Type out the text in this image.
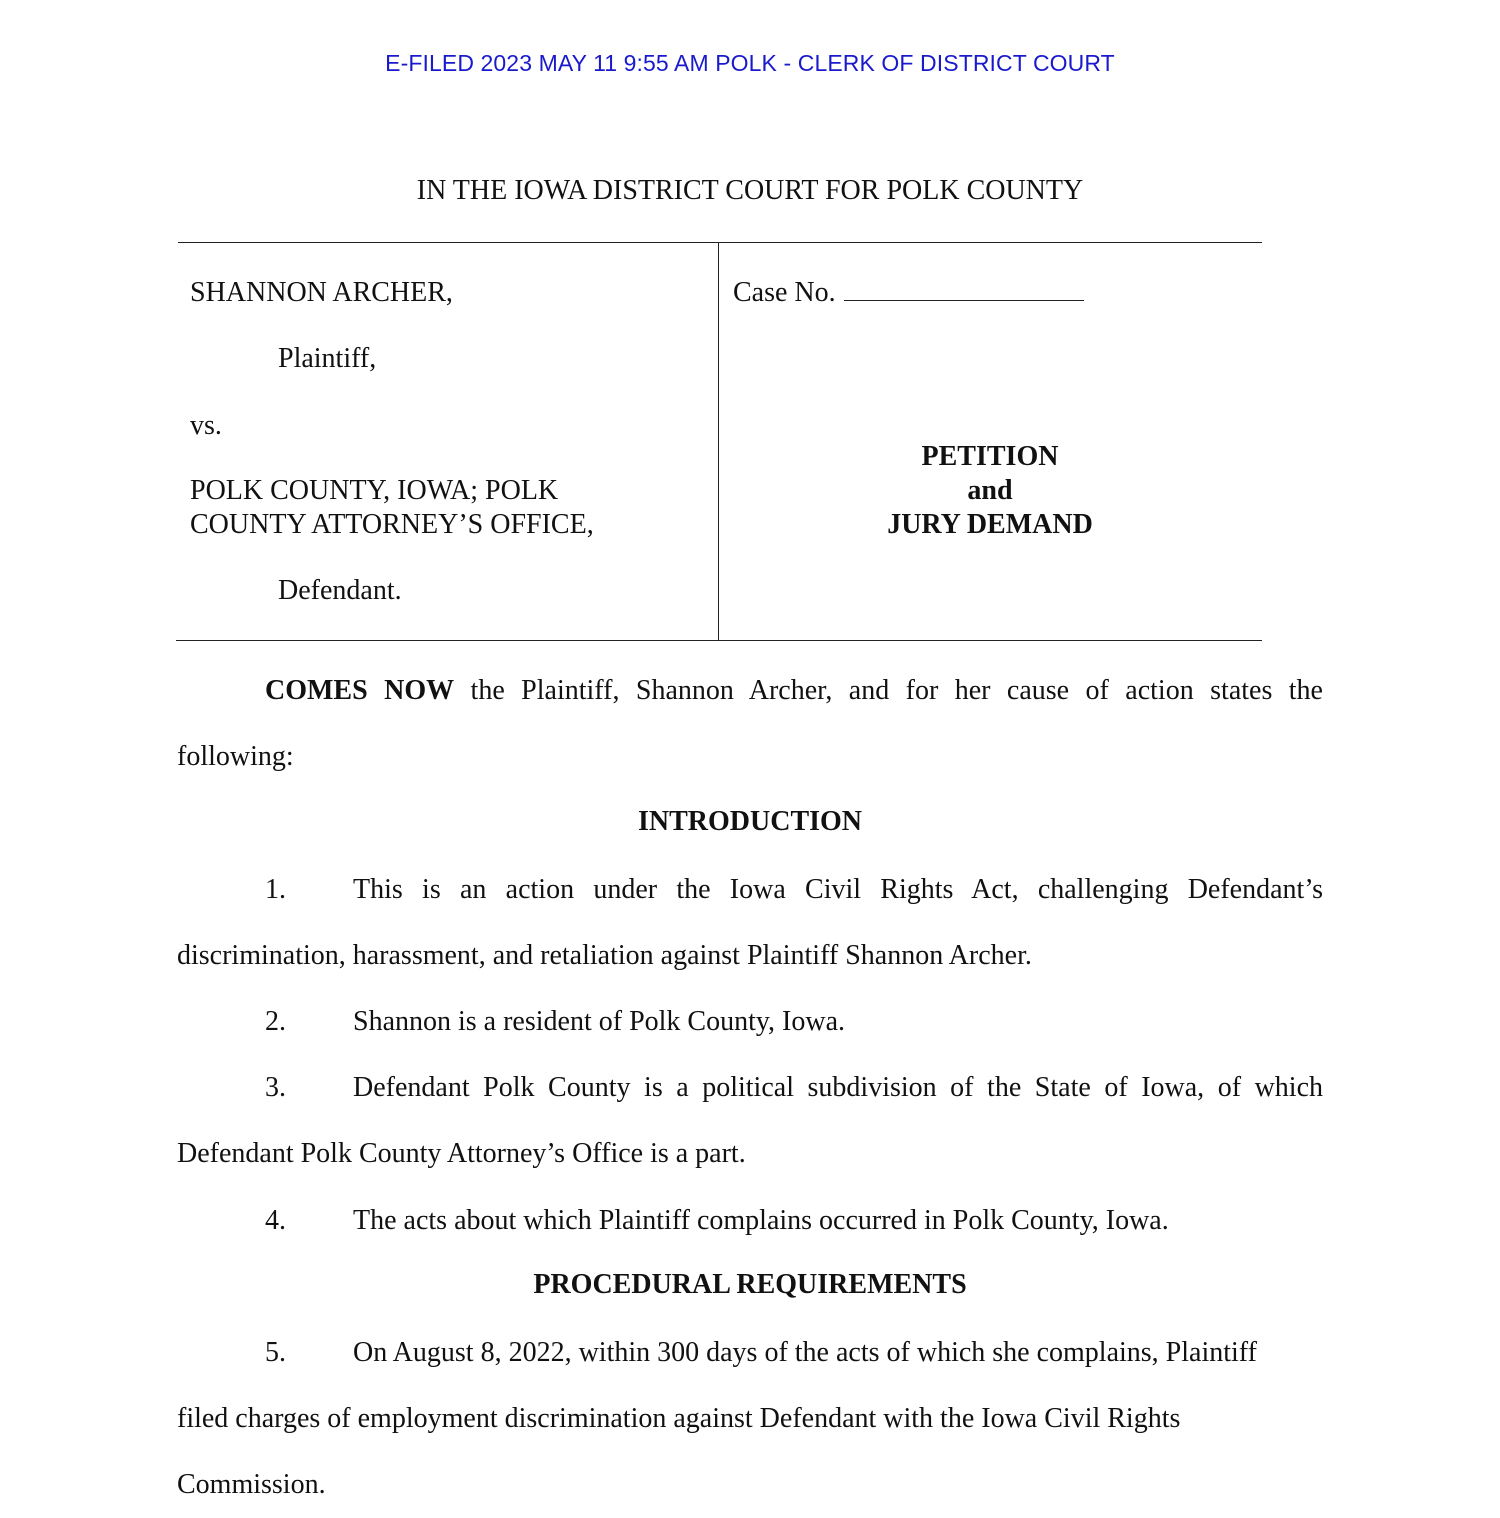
E-FILED 2023 MAY 11 9:55 AM POLK - CLERK OF DISTRICT COURT
IN THE IOWA DISTRICT COURT FOR POLK COUNTY
SHANNON ARCHER,
Plaintiff,
vs.
POLK COUNTY, IOWA; POLK
COUNTY ATTORNEY’S OFFICE,
Defendant.
Case No.
PETITION
and
JURY DEMAND
COMES NOW the Plaintiff, Shannon Archer, and for her cause of action states the following:
INTRODUCTION
1. This is an action under the Iowa Civil Rights Act, challenging Defendant’s discrimination, harassment, and retaliation against Plaintiff Shannon Archer.
2. Shannon is a resident of Polk County, Iowa.
3. Defendant Polk County is a political subdivision of the State of Iowa, of which Defendant Polk County Attorney’s Office is a part.
4. The acts about which Plaintiff complains occurred in Polk County, Iowa.
PROCEDURAL REQUIREMENTS
5. On August 8, 2022, within 300 days of the acts of which she complains, Plaintiff filed charges of employment discrimination against Defendant with the Iowa Civil Rights Commission.
